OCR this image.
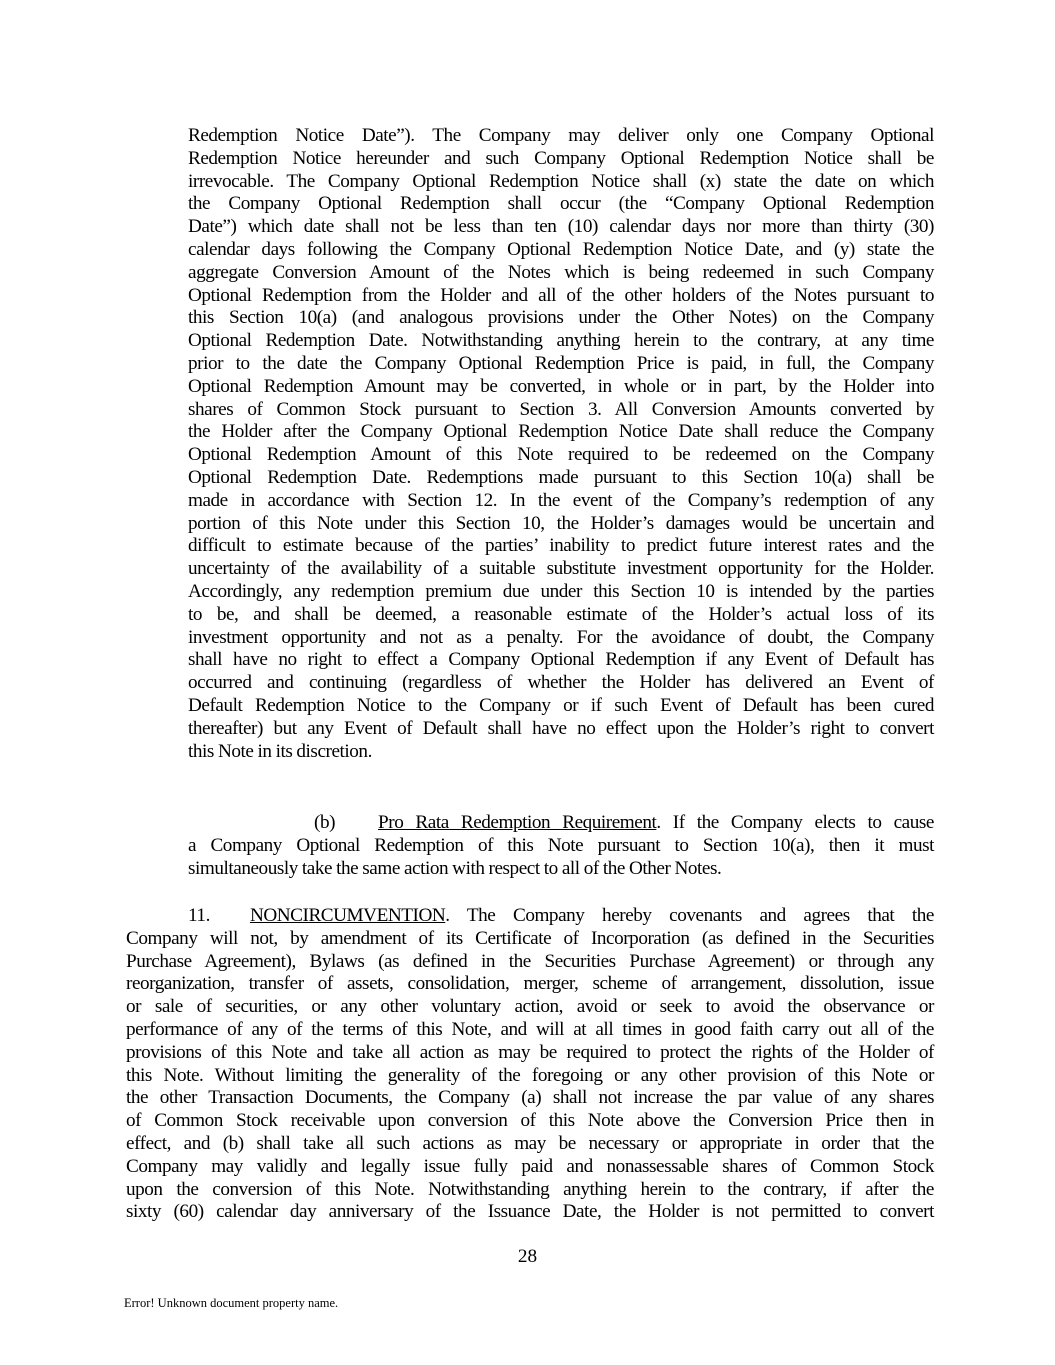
Redemption Notice Date”). The Company may deliver only one Company Optional
Redemption Notice hereunder and such Company Optional Redemption Notice shall be
irrevocable. The Company Optional Redemption Notice shall (x) state the date on which
the Company Optional Redemption shall occur (the “Company Optional Redemption
Date”) which date shall not be less than ten (10) calendar days nor more than thirty (30)
calendar days following the Company Optional Redemption Notice Date, and (y) state the
aggregate Conversion Amount of the Notes which is being redeemed in such Company
Optional Redemption from the Holder and all of the other holders of the Notes pursuant to
this Section 10(a) (and analogous provisions under the Other Notes) on the Company
Optional Redemption Date. Notwithstanding anything herein to the contrary, at any time
prior to the date the Company Optional Redemption Price is paid, in full, the Company
Optional Redemption Amount may be converted, in whole or in part, by the Holder into
shares of Common Stock pursuant to Section 3. All Conversion Amounts converted by
the Holder after the Company Optional Redemption Notice Date shall reduce the Company
Optional Redemption Amount of this Note required to be redeemed on the Company
Optional Redemption Date. Redemptions made pursuant to this Section 10(a) shall be
made in accordance with Section 12. In the event of the Company’s redemption of any
portion of this Note under this Section 10, the Holder’s damages would be uncertain and
difficult to estimate because of the parties’ inability to predict future interest rates and the
uncertainty of the availability of a suitable substitute investment opportunity for the Holder.
Accordingly, any redemption premium due under this Section 10 is intended by the parties
to be, and shall be deemed, a reasonable estimate of the Holder’s actual loss of its
investment opportunity and not as a penalty. For the avoidance of doubt, the Company
shall have no right to effect a Company Optional Redemption if any Event of Default has
occurred and continuing (regardless of whether the Holder has delivered an Event of
Default Redemption Notice to the Company or if such Event of Default has been cured
thereafter) but any Event of Default shall have no effect upon the Holder’s right to convert
this Note in its discretion.
(b) Pro Rata Redemption Requirement. If the Company elects to cause
a Company Optional Redemption of this Note pursuant to Section 10(a), then it must
simultaneously take the same action with respect to all of the Other Notes.
11. NONCIRCUMVENTION. The Company hereby covenants and agrees that the
Company will not, by amendment of its Certificate of Incorporation (as defined in the Securities
Purchase Agreement), Bylaws (as defined in the Securities Purchase Agreement) or through any
reorganization, transfer of assets, consolidation, merger, scheme of arrangement, dissolution, issue
or sale of securities, or any other voluntary action, avoid or seek to avoid the observance or
performance of any of the terms of this Note, and will at all times in good faith carry out all of the
provisions of this Note and take all action as may be required to protect the rights of the Holder of
this Note. Without limiting the generality of the foregoing or any other provision of this Note or
the other Transaction Documents, the Company (a) shall not increase the par value of any shares
of Common Stock receivable upon conversion of this Note above the Conversion Price then in
effect, and (b) shall take all such actions as may be necessary or appropriate in order that the
Company may validly and legally issue fully paid and nonassessable shares of Common Stock
upon the conversion of this Note. Notwithstanding anything herein to the contrary, if after the
sixty (60) calendar day anniversary of the Issuance Date, the Holder is not permitted to convert
28
Error! Unknown document property name.
